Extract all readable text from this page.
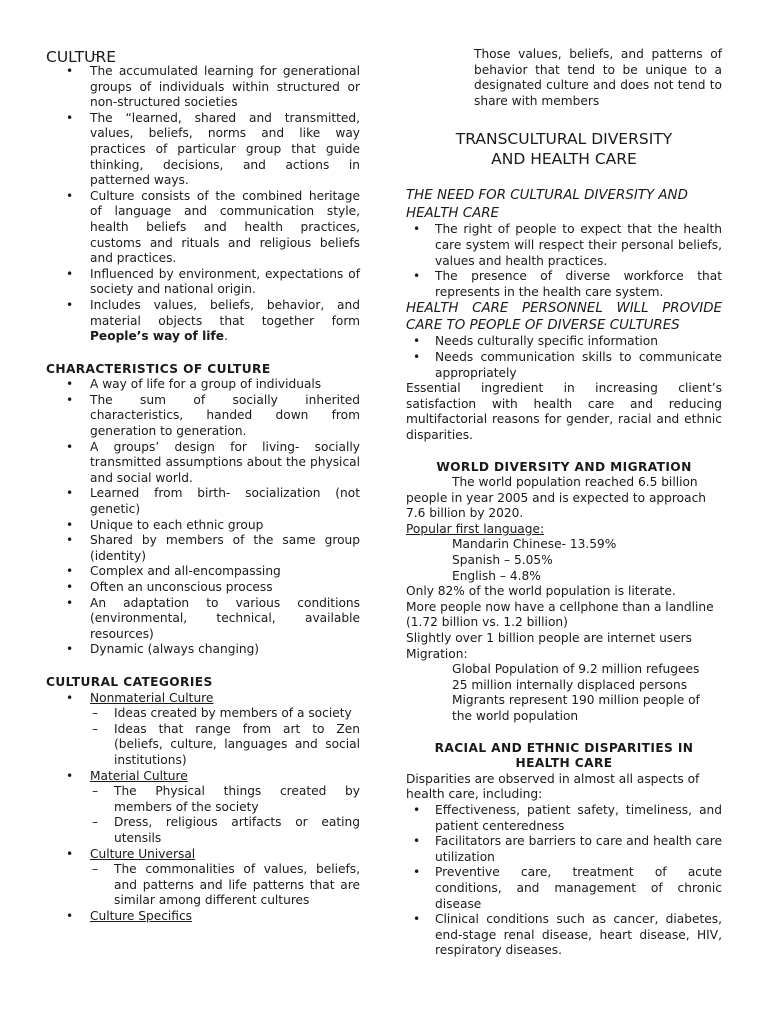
CULTURE
• The accumulated learning for generational groups of individuals within structured or non-structured societies
• The “learned, shared and transmitted, values, beliefs, norms and like way practices of particular group that guide thinking, decisions, and actions in patterned ways.
• Culture consists of the combined heritage of language and communication style, health beliefs and health practices, customs and rituals and religious beliefs and practices.
• Influenced by environment, expectations of society and national origin.
• Includes values, beliefs, behavior, and material objects that together form People’s way of life.
CHARACTERISTICS OF CULTURE
• A way of life for a group of individuals
• The sum of socially inherited characteristics, handed down from generation to generation.
• A groups’ design for living- socially transmitted assumptions about the physical and social world.
• Learned from birth- socialization (not genetic)
• Unique to each ethnic group
• Shared by members of the same group (identity)
• Complex and all-encompassing
• Often an unconscious process
• An adaptation to various conditions (environmental, technical, available resources)
• Dynamic (always changing)
CULTURAL CATEGORIES
• Nonmaterial Culture
– Ideas created by members of a society
– Ideas that range from art to Zen (beliefs, culture, languages and social institutions)
• Material Culture
– The Physical things created by members of the society
– Dress, religious artifacts or eating utensils
• Culture Universal
– The commonalities of values, beliefs, and patterns and life patterns that are similar among different cultures
• Culture Specifics
– Those values, beliefs, and patterns of behavior that tend to be unique to a designated culture and does not tend to share with members
TRANSCULTURAL DIVERSITY
AND HEALTH CARE
THE NEED FOR CULTURAL DIVERSITY AND HEALTH CARE
• The right of people to expect that the health care system will respect their personal beliefs, values and health practices.
• The presence of diverse workforce that represents in the health care system.
HEALTH CARE PERSONNEL WILL PROVIDE CARE TO PEOPLE OF DIVERSE CULTURES
• Needs culturally specific information
• Needs communication skills to communicate appropriately
Essential ingredient in increasing client’s satisfaction with health care and reducing multifactorial reasons for gender, racial and ethnic disparities.
WORLD DIVERSITY AND MIGRATION
The world population reached 6.5 billion people in year 2005 and is expected to approach 7.6 billion by 2020.
Popular first language:
Mandarin Chinese- 13.59%
Spanish – 5.05%
English – 4.8%
Only 82% of the world population is literate.
More people now have a cellphone than a landline (1.72 billion vs. 1.2 billion)
Slightly over 1 billion people are internet users
Migration:
Global Population of 9.2 million refugees
25 million internally displaced persons
Migrants represent 190 million people of the world population
RACIAL AND ETHNIC DISPARITIES IN
HEALTH CARE
Disparities are observed in almost all aspects of health care, including:
• Effectiveness, patient safety, timeliness, and patient centeredness
• Facilitators are barriers to care and health care utilization
• Preventive care, treatment of acute conditions, and management of chronic disease
• Clinical conditions such as cancer, diabetes, end-stage renal disease, heart disease, HIV, respiratory diseases.
